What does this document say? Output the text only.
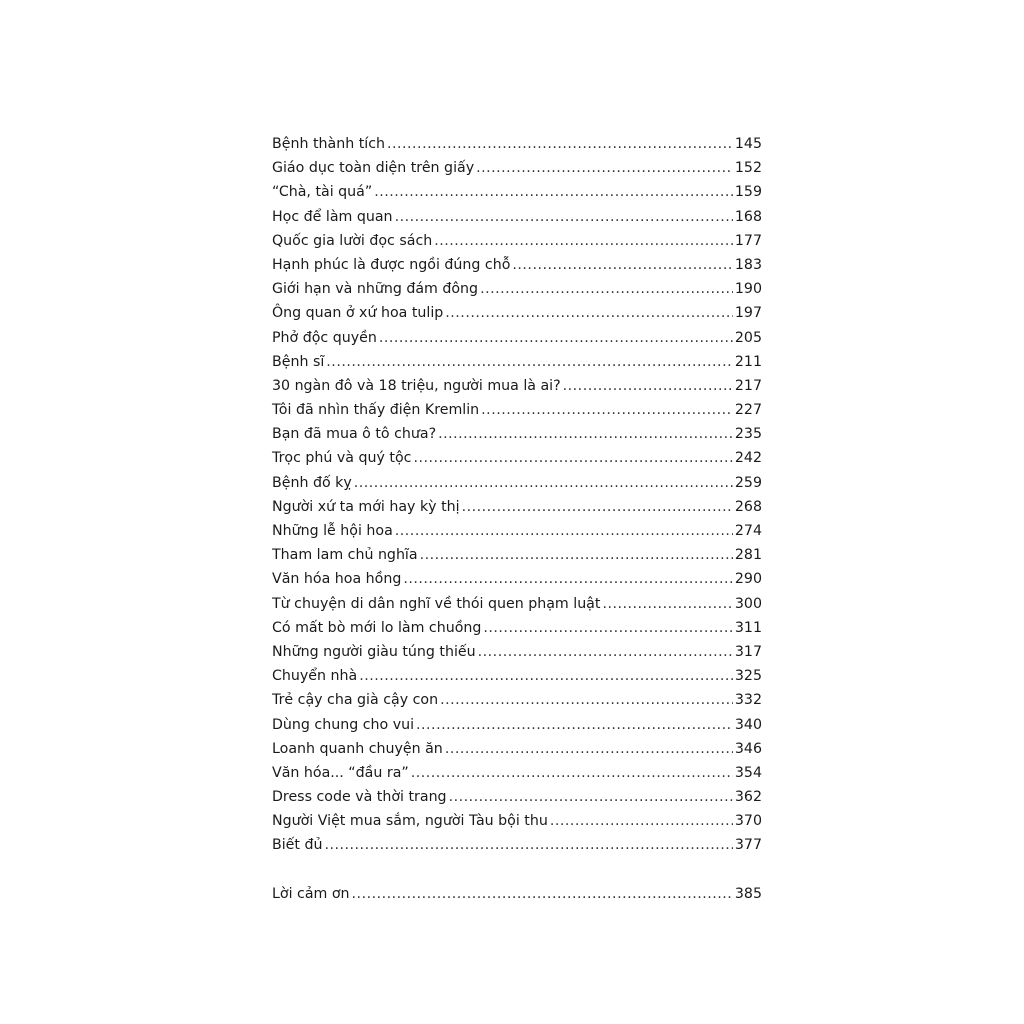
Bệnh thành tích .....	145
Giáo dục toàn diện trên giấy .....	152
“Chà, tài quá” .....	159
Học để làm quan .....	168
Quốc gia lười đọc sách .....	177
Hạnh phúc là được ngồi đúng chỗ .....	183
Giới hạn và những đám đông .....	190
Ông quan ở xứ hoa tulip .....	197
Phở độc quyền .....	205
Bệnh sĩ .....	211
30 ngàn đô và 18 triệu, người mua là ai? .....	217
Tôi đã nhìn thấy điện Kremlin .....	227
Bạn đã mua ô tô chưa? .....	235
Trọc phú và quý tộc .....	242
Bệnh đố kỵ .....	259
Người xứ ta mới hay kỳ thị .....	268
Những lễ hội hoa .....	274
Tham lam chủ nghĩa .....	281
Văn hóa hoa hồng .....	290
Từ chuyện di dân nghĩ về thói quen phạm luật .....	300
Có mất bò mới lo làm chuồng .....	311
Những người giàu túng thiếu .....	317
Chuyển nhà .....	325
Trẻ cậy cha già cậy con .....	332
Dùng chung cho vui .....	340
Loanh quanh chuyện ăn .....	346
Văn hóa... “đầu ra” .....	354
Dress code và thời trang .....	362
Người Việt mua sắm, người Tàu bội thu .....	370
Biết đủ .....	377
Lời cảm ơn .....	385
